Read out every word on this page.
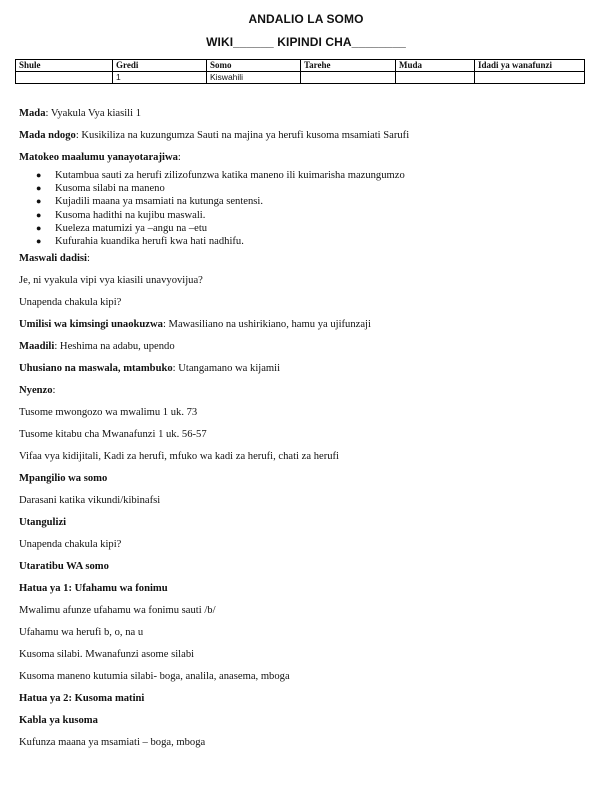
ANDALIO LA SOMO
WIKI______ KIPINDI CHA________
Shule	Gredi	Somo	Tarehe	Muda	Idadi ya wanafunzi
	1	Kiswahili			
Mada: Vyakula Vya kiasili 1
Mada ndogo: Kusikiliza na kuzungumza Sauti na majina ya herufi kusoma msamiati Sarufi
Matokeo maalumu yanayotarajiwa:
● Kutambua sauti za herufi zilizofunzwa katika maneno ili kuimarisha mazungumzo
● Kusoma silabi na maneno
● Kujadili maana ya msamiati na kutunga sentensi.
● Kusoma hadithi na kujibu maswali.
● Kueleza matumizi ya –angu na –etu
● Kufurahia kuandika herufi kwa hati nadhifu.
Maswali dadisi:
Je, ni vyakula vipi vya kiasili unavyovijua?
Unapenda chakula kipi?
Umilisi wa kimsingi unaokuzwa: Mawasiliano na ushirikiano, hamu ya ujifunzaji
Maadili: Heshima na adabu, upendo
Uhusiano na maswala, mtambuko: Utangamano wa kijamii
Nyenzo:
Tusome mwongozo wa mwalimu 1 uk. 73
Tusome kitabu cha Mwanafunzi 1 uk. 56-57
Vifaa vya kidijitali, Kadi za herufi, mfuko wa kadi za herufi, chati za herufi
Mpangilio wa somo
Darasani katika vikundi/kibinafsi
Utangulizi
Unapenda chakula kipi?
Utaratibu WA somo
Hatua ya 1: Ufahamu wa fonimu
Mwalimu afunze ufahamu wa fonimu sauti /b/
Ufahamu wa herufi b, o, na u
Kusoma silabi. Mwanafunzi asome silabi
Kusoma maneno kutumia silabi- boga, analila, anasema, mboga
Hatua ya 2: Kusoma matini
Kabla ya kusoma
Kufunza maana ya msamiati – boga, mboga
